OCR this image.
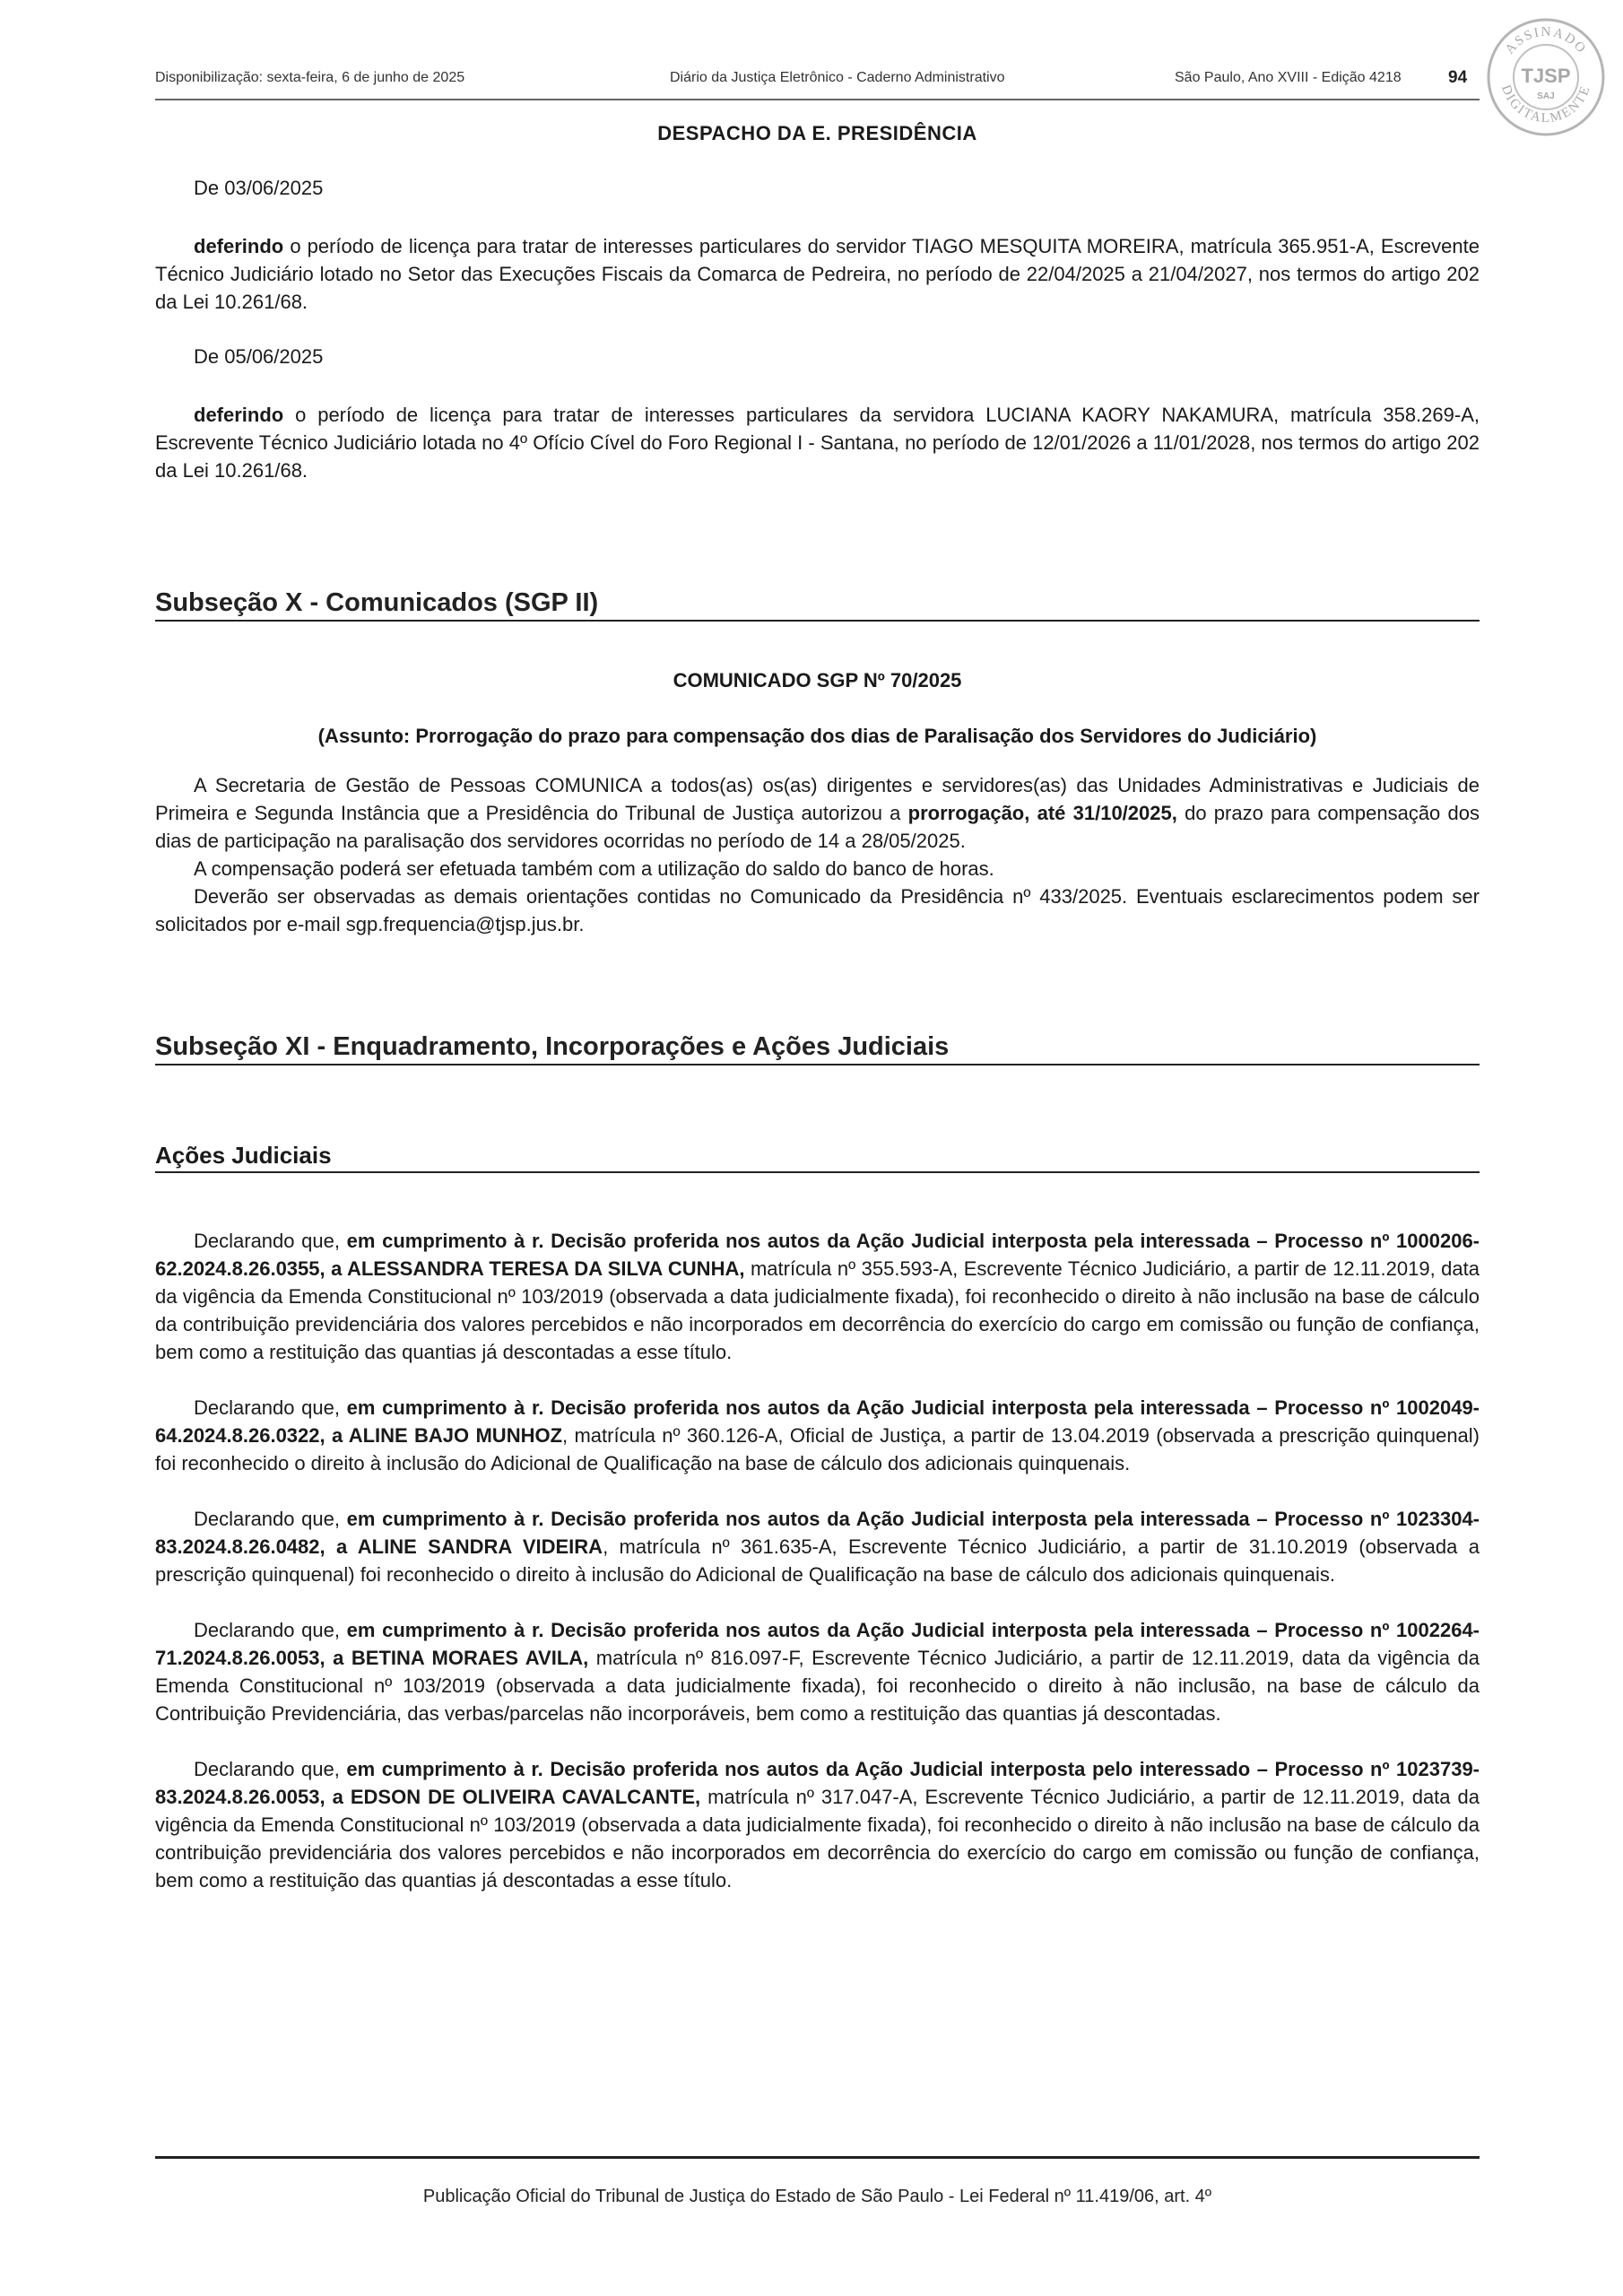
Disponibilização: sexta-feira, 6 de junho de 2025	Diário da Justiça Eletrônico - Caderno Administrativo	São Paulo, Ano XVIII - Edição 4218	94
ASSINADO
DIGITALMENTE
TJSP
SAJ
DESPACHO DA E. PRESIDÊNCIA

De 03/06/2025

deferindo o período de licença para tratar de interesses particulares do servidor TIAGO MESQUITA MOREIRA, matrícula 365.951-A, Escrevente Técnico Judiciário lotado no Setor das Execuções Fiscais da Comarca de Pedreira, no período de 22/04/2025 a 21/04/2027, nos termos do artigo 202 da Lei 10.261/68.

De 05/06/2025

deferindo o período de licença para tratar de interesses particulares da servidora LUCIANA KAORY NAKAMURA, matrícula 358.269-A, Escrevente Técnico Judiciário lotada no 4º Ofício Cível do Foro Regional I - Santana, no período de 12/01/2026 a 11/01/2028, nos termos do artigo 202 da Lei 10.261/68.

Subseção X - Comunicados (SGP II)

COMUNICADO SGP Nº 70/2025

(Assunto: Prorrogação do prazo para compensação dos dias de Paralisação dos Servidores do Judiciário)

A Secretaria de Gestão de Pessoas COMUNICA a todos(as) os(as) dirigentes e servidores(as) das Unidades Administrativas e Judiciais de Primeira e Segunda Instância que a Presidência do Tribunal de Justiça autorizou a prorrogação, até 31/10/2025, do prazo para compensação dos dias de participação na paralisação dos servidores ocorridas no período de 14 a 28/05/2025.

A compensação poderá ser efetuada também com a utilização do saldo do banco de horas.

Deverão ser observadas as demais orientações contidas no Comunicado da Presidência nº 433/2025. Eventuais esclarecimentos podem ser solicitados por e-mail sgp.frequencia@tjsp.jus.br.

Subseção XI - Enquadramento, Incorporações e Ações Judiciais
Ações Judiciais

Declarando que, em cumprimento à r. Decisão proferida nos autos da Ação Judicial interposta pela interessada – Processo nº 1000206-62.2024.8.26.0355, a ALESSANDRA TERESA DA SILVA CUNHA, matrícula nº 355.593-A, Escrevente Técnico Judiciário, a partir de 12.11.2019, data da vigência da Emenda Constitucional nº 103/2019 (observada a data judicialmente fixada), foi reconhecido o direito à não inclusão na base de cálculo da contribuição previdenciária dos valores percebidos e não incorporados em decorrência do exercício do cargo em comissão ou função de confiança, bem como a restituição das quantias já descontadas a esse título.

Declarando que, em cumprimento à r. Decisão proferida nos autos da Ação Judicial interposta pela interessada – Processo nº 1002049-64.2024.8.26.0322, a ALINE BAJO MUNHOZ, matrícula nº 360.126-A, Oficial de Justiça, a partir de 13.04.2019 (observada a prescrição quinquenal) foi reconhecido o direito à inclusão do Adicional de Qualificação na base de cálculo dos adicionais quinquenais.

Declarando que, em cumprimento à r. Decisão proferida nos autos da Ação Judicial interposta pela interessada – Processo nº 1023304-83.2024.8.26.0482, a ALINE SANDRA VIDEIRA, matrícula nº 361.635-A, Escrevente Técnico Judiciário, a partir de 31.10.2019 (observada a prescrição quinquenal) foi reconhecido o direito à inclusão do Adicional de Qualificação na base de cálculo dos adicionais quinquenais.

Declarando que, em cumprimento à r. Decisão proferida nos autos da Ação Judicial interposta pela interessada – Processo nº 1002264-71.2024.8.26.0053, a BETINA MORAES AVILA, matrícula nº 816.097-F, Escrevente Técnico Judiciário, a partir de 12.11.2019, data da vigência da Emenda Constitucional nº 103/2019 (observada a data judicialmente fixada), foi reconhecido o direito à não inclusão, na base de cálculo da Contribuição Previdenciária, das verbas/parcelas não incorporáveis, bem como a restituição das quantias já descontadas.

Declarando que, em cumprimento à r. Decisão proferida nos autos da Ação Judicial interposta pelo interessado – Processo nº 1023739-83.2024.8.26.0053, a EDSON DE OLIVEIRA CAVALCANTE, matrícula nº 317.047-A, Escrevente Técnico Judiciário, a partir de 12.11.2019, data da vigência da Emenda Constitucional nº 103/2019 (observada a data judicialmente fixada), foi reconhecido o direito à não inclusão na base de cálculo da contribuição previdenciária dos valores percebidos e não incorporados em decorrência do exercício do cargo em comissão ou função de confiança, bem como a restituição das quantias já descontadas a esse título.

Publicação Oficial do Tribunal de Justiça do Estado de São Paulo - Lei Federal nº 11.419/06, art. 4º
